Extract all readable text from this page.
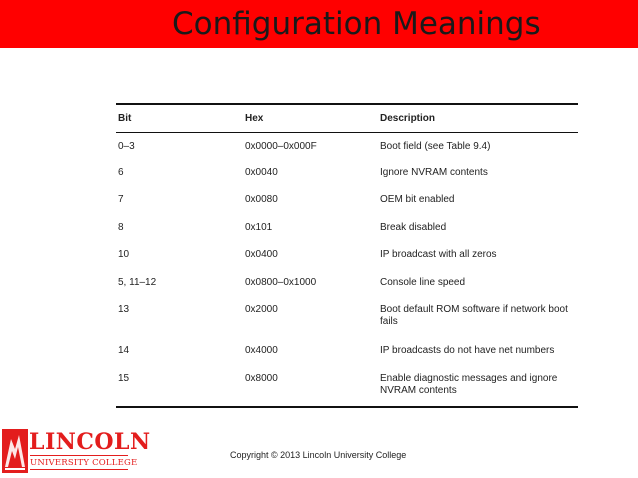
Configuration Meanings
Bit	Hex	Description
0–3	0x0000–0x000F	Boot field (see Table 9.4)
6	0x0040	Ignore NVRAM contents
7	0x0080	OEM bit enabled
8	0x101	Break disabled
10	0x0400	IP broadcast with all zeros
5, 11–12	0x0800–0x1000	Console line speed
13	0x2000	Boot default ROM software if network boot fails
14	0x4000	IP broadcasts do not have net numbers
15	0x8000	Enable diagnostic messages and ignore NVRAM contents
LINCOLN
UNIVERSITY COLLEGE
Copyright © 2013 Lincoln University College
